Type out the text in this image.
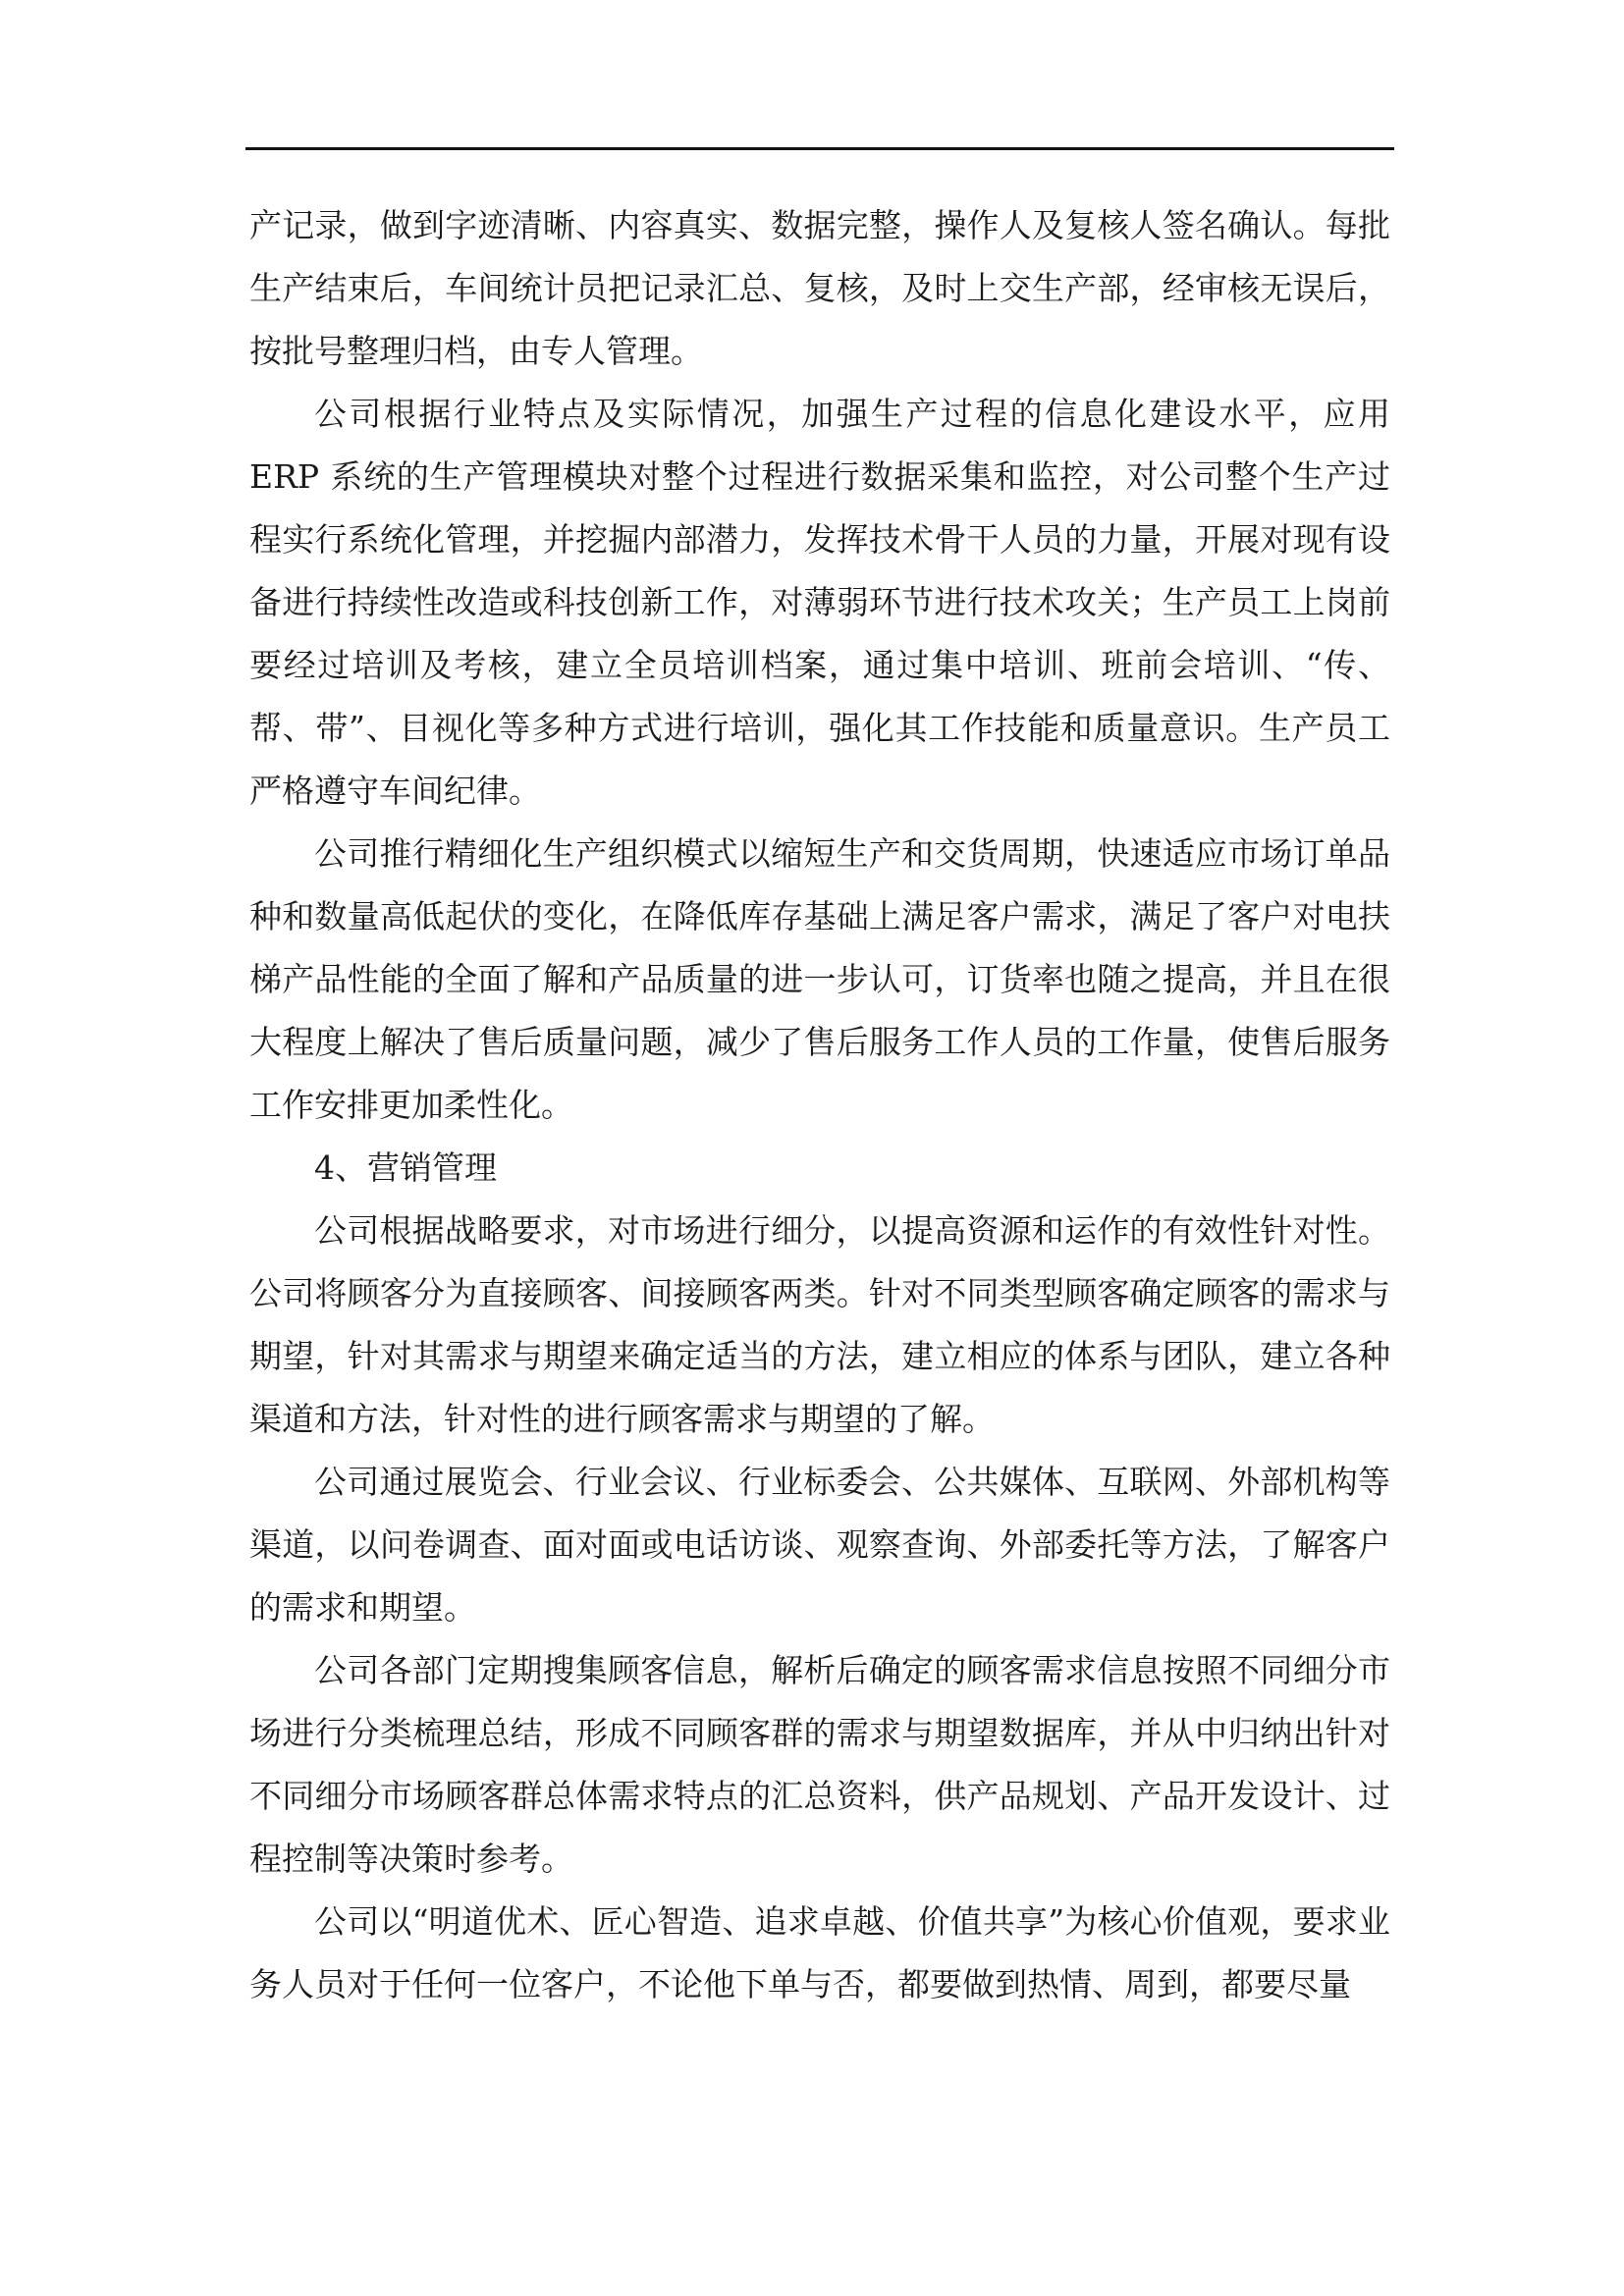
产记录，做到字迹清晰、内容真实、数据完整，操作人及复核人签名确认。每批生产结束后，车间统计员把记录汇总、复核，及时上交生产部，经审核无误后，按批号整理归档，由专人管理。

公司根据行业特点及实际情况，加强生产过程的信息化建设水平，应用 ERP 系统的生产管理模块对整个过程进行数据采集和监控，对公司整个生产过程实行系统化管理，并挖掘内部潜力，发挥技术骨干人员的力量，开展对现有设备进行持续性改造或科技创新工作，对薄弱环节进行技术攻关；生产员工上岗前要经过培训及考核，建立全员培训档案，通过集中培训、班前会培训、“传、帮、带”、目视化等多种方式进行培训，强化其工作技能和质量意识。生产员工严格遵守车间纪律。

公司推行精细化生产组织模式以缩短生产和交货周期，快速适应市场订单品种和数量高低起伏的变化，在降低库存基础上满足客户需求，满足了客户对电扶梯产品性能的全面了解和产品质量的进一步认可，订货率也随之提高，并且在很大程度上解决了售后质量问题，减少了售后服务工作人员的工作量，使售后服务工作安排更加柔性化。

4、营销管理

公司根据战略要求，对市场进行细分，以提高资源和运作的有效性针对性。公司将顾客分为直接顾客、间接顾客两类。针对不同类型顾客确定顾客的需求与期望，针对其需求与期望来确定适当的方法，建立相应的体系与团队，建立各种渠道和方法，针对性的进行顾客需求与期望的了解。

公司通过展览会、行业会议、行业标委会、公共媒体、互联网、外部机构等渠道，以问卷调查、面对面或电话访谈、观察查询、外部委托等方法，了解客户的需求和期望。

公司各部门定期搜集顾客信息，解析后确定的顾客需求信息按照不同细分市场进行分类梳理总结，形成不同顾客群的需求与期望数据库，并从中归纳出针对不同细分市场顾客群总体需求特点的汇总资料，供产品规划、产品开发设计、过程控制等决策时参考。

公司以“明道优术、匠心智造、追求卓越、价值共享”为核心价值观，要求业务人员对于任何一位客户，不论他下单与否，都要做到热情、周到，都要尽量
